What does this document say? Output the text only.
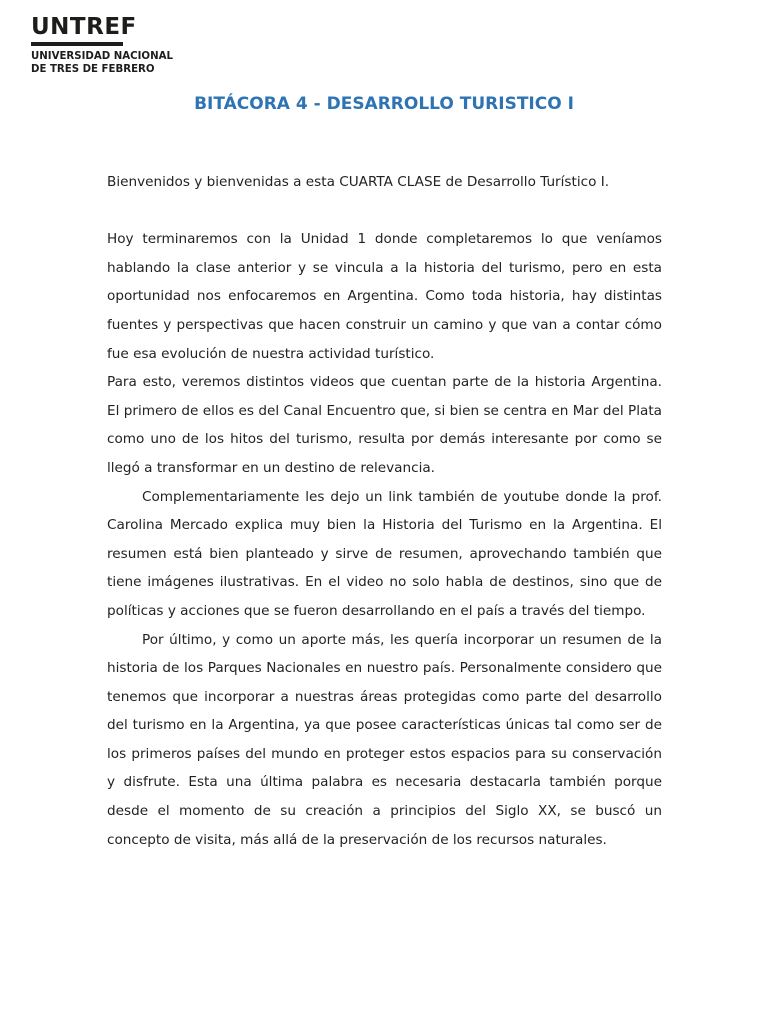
UNTREF
UNIVERSIDAD NACIONAL
DE TRES DE FEBRERO
BITÁCORA 4 - DESARROLLO TURISTICO I

Bienvenidos y bienvenidas a esta CUARTA CLASE de Desarrollo Turístico I.

Hoy terminaremos con la Unidad 1 donde completaremos lo que veníamos hablando la clase anterior y se vincula a la historia del turismo, pero en esta oportunidad nos enfocaremos en Argentina. Como toda historia, hay distintas fuentes y perspectivas que hacen construir un camino y que van a contar cómo fue esa evolución de nuestra actividad turístico.

Para esto, veremos distintos videos que cuentan parte de la historia Argentina. El primero de ellos es del Canal Encuentro que, si bien se centra en Mar del Plata como uno de los hitos del turismo, resulta por demás interesante por como se llegó a transformar en un destino de relevancia.

Complementariamente les dejo un link también de youtube donde la prof. Carolina Mercado explica muy bien la Historia del Turismo en la Argentina. El resumen está bien planteado y sirve de resumen, aprovechando también que tiene imágenes ilustrativas. En el video no solo habla de destinos, sino que de políticas y acciones que se fueron desarrollando en el país a través del tiempo.

Por último, y como un aporte más, les quería incorporar un resumen de la historia de los Parques Nacionales en nuestro país. Personalmente considero que tenemos que incorporar a nuestras áreas protegidas como parte del desarrollo del turismo en la Argentina, ya que posee características únicas tal como ser de los primeros países del mundo en proteger estos espacios para su conservación y disfrute. Esta una última palabra es necesaria destacarla también porque desde el momento de su creación a principios del Siglo XX, se buscó un concepto de visita, más allá de la preservación de los recursos naturales.
